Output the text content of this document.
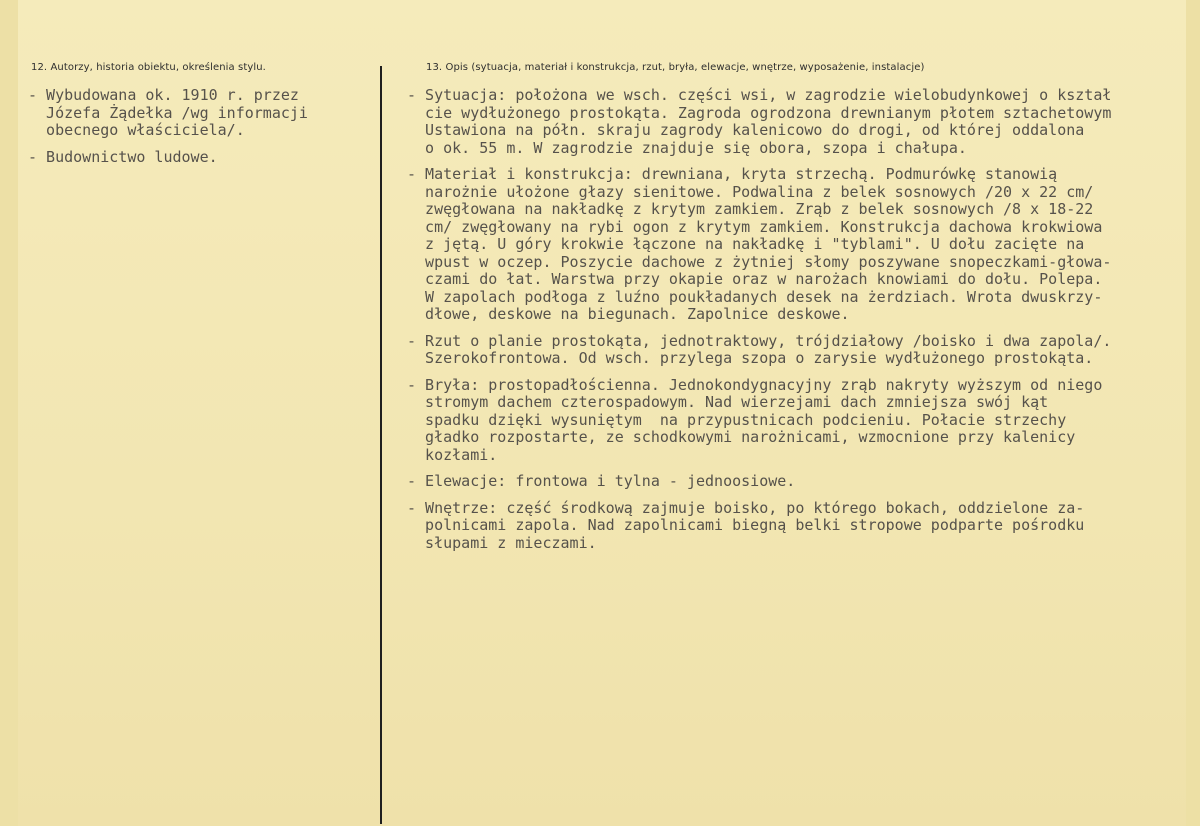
12. Autorzy, historia obiektu, określenia stylu.	13. Opis (sytuacja, materiał i konstrukcja, rzut, bryła, elewacje, wnętrze, wyposażenie, instalacje)
- Wybudowana ok. 1910 r. przez
Józefa Żądełka /wg informacji
obecnego właściciela/.
- Budownictwo ludowe.
- Sytuacja: położona we wsch. części wsi, w zagrodzie wielobudynkowej o kształ
cie wydłużonego prostokąta. Zagroda ogrodzona drewnianym płotem sztachetowym
Ustawiona na półn. skraju zagrody kalenicowo do drogi, od której oddalona
o ok. 55 m. W zagrodzie znajduje się obora, szopa i chałupa.
- Materiał i konstrukcja: drewniana, kryta strzechą. Podmurówkę stanowią
narożnie ułożone głazy sienitowe. Podwalina z belek sosnowych /20 x 22 cm/
zwęgłowana na nakładkę z krytym zamkiem. Zrąb z belek sosnowych /8 x 18-22
cm/ zwęgłowany na rybi ogon z krytym zamkiem. Konstrukcja dachowa krokwiowa
z jętą. U góry krokwie łączone na nakładkę i "tyblami". U dołu zacięte na
wpust w oczep. Poszycie dachowe z żytniej słomy poszywane snopeczkami-głowa-
czami do łat. Warstwa przy okapie oraz w narożach knowiami do dołu. Polepa.
W zapolach podłoga z luźno poukładanych desek na żerdziach. Wrota dwuskrzy-
dłowe, deskowe na biegunach. Zapolnice deskowe.
- Rzut o planie prostokąta, jednotraktowy, trójdziałowy /boisko i dwa zapola/.
Szerokofrontowa. Od wsch. przylega szopa o zarysie wydłużonego prostokąta.
- Bryła: prostopadłościenna. Jednokondygnacyjny zrąb nakryty wyższym od niego
stromym dachem czterospadowym. Nad wierzejami dach zmniejsza swój kąt
spadku dzięki wysuniętym  na przypustnicach podcieniu. Połacie strzechy
gładko rozpostarte, ze schodkowymi narożnicami, wzmocnione przy kalenicy
kozłami.
- Elewacje: frontowa i tylna - jednoosiowe.
- Wnętrze: część środkową zajmuje boisko, po którego bokach, oddzielone za-
polnicami zapola. Nad zapolnicami biegną belki stropowe podparte pośrodku
słupami z mieczami.
